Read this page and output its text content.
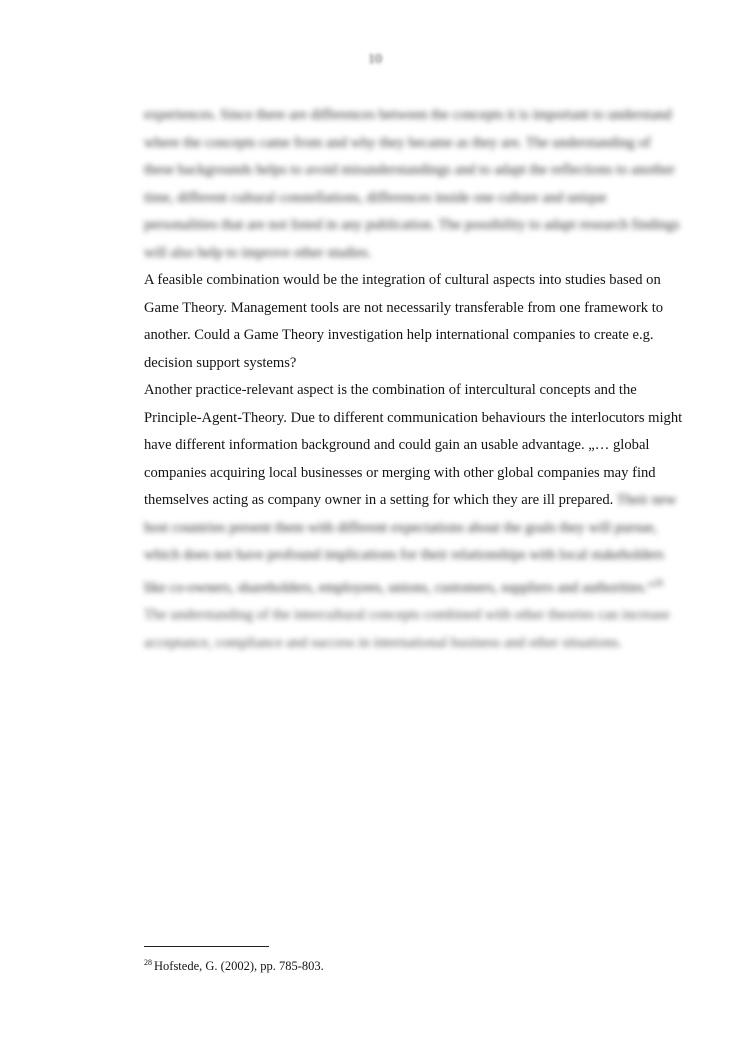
10

experiences. Since there are differences between the concepts it is important to understand where the concepts came from and why they became as they are. The understanding of these backgrounds helps to avoid misunderstandings and to adapt the reflections to another time, different cultural constellations, differences inside one culture and unique personalities that are not listed in any publication. The possibility to adapt research findings will also help to improve other studies.

A feasible combination would be the integration of cultural aspects into studies based on Game Theory. Management tools are not necessarily transferable from one framework to another. Could a Game Theory investigation help international companies to create e.g. decision support systems?

Another practice-relevant aspect is the combination of intercultural concepts and the Principle-Agent-Theory. Due to different communication behaviours the interlocutors might have different information background and could gain an usable advantage. „… global companies acquiring local businesses or merging with other global companies may find themselves acting as company owner in a setting for which they are ill prepared. Their new host countries present them with different expectations about the goals they will pursue, which does not have profound implications for their relationships with local stakeholders like co-owners, shareholders, employees, unions, customers, suppliers and authorities.“$^{28}$

The understanding of the intercultural concepts combined with other theories can increase acceptance, compliance and success in international business and other situations.

$^{28}$ Hofstede, G. (2002), pp. 785-803.
